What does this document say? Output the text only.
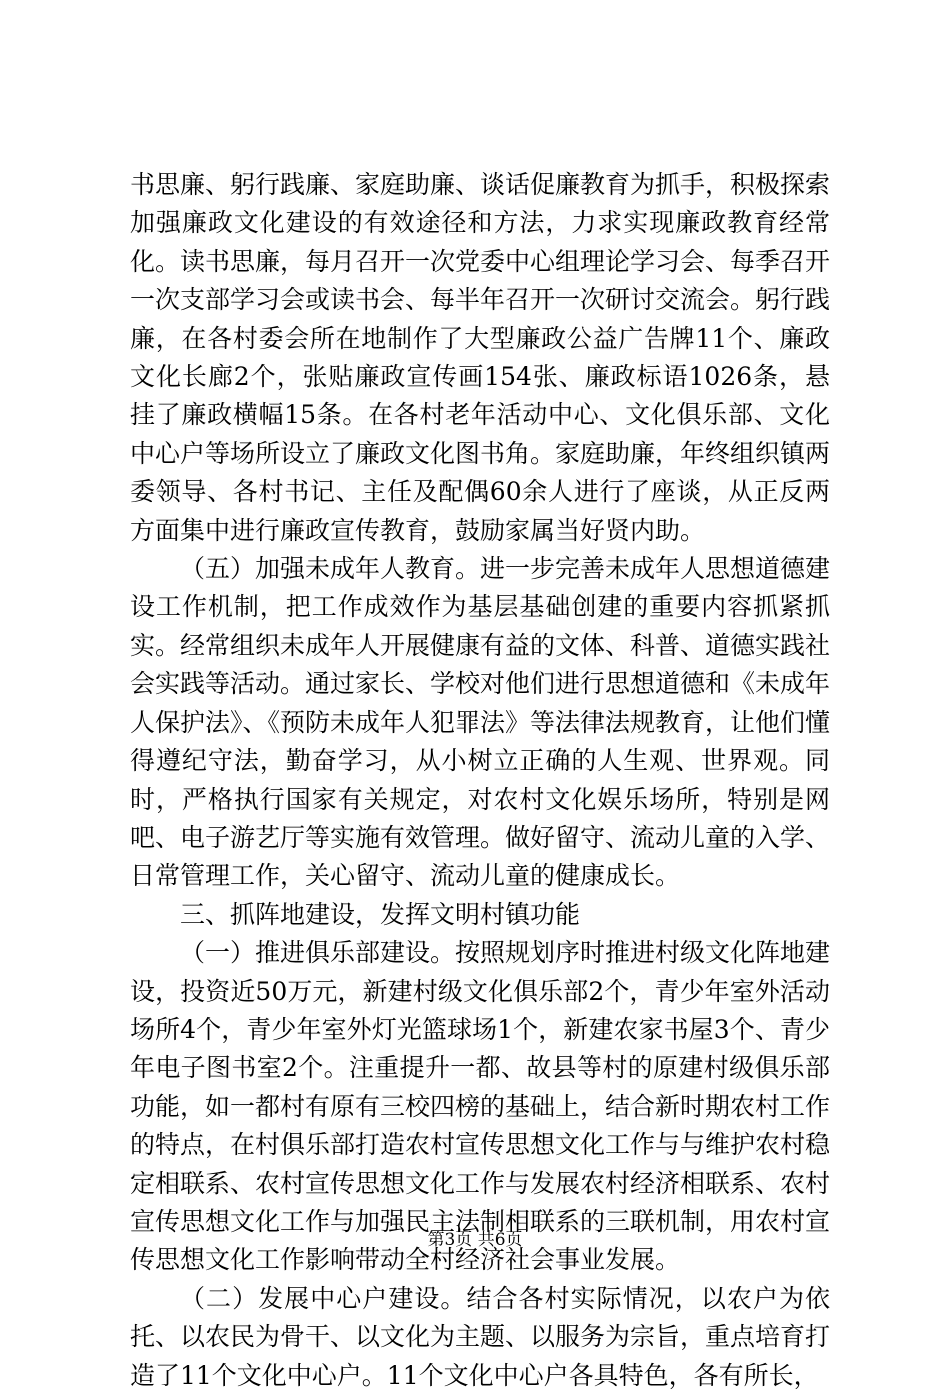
书思廉、躬行践廉、家庭助廉、谈话促廉教育为抓手，积极探索加强廉政文化建设的有效途径和方法，力求实现廉政教育经常化。读书思廉，每月召开一次党委中心组理论学习会、每季召开一次支部学习会或读书会、每半年召开一次研讨交流会。躬行践廉，在各村委会所在地制作了大型廉政公益广告牌11个、廉政文化长廊2个，张贴廉政宣传画154张、廉政标语1026条，悬挂了廉政横幅15条。在各村老年活动中心、文化俱乐部、文化中心户等场所设立了廉政文化图书角。家庭助廉，年终组织镇两委领导、各村书记、主任及配偶60余人进行了座谈，从正反两方面集中进行廉政宣传教育，鼓励家属当好贤内助。

（五）加强未成年人教育。进一步完善未成年人思想道德建设工作机制，把工作成效作为基层基础创建的重要内容抓紧抓实。经常组织未成年人开展健康有益的文体、科普、道德实践社会实践等活动。通过家长、学校对他们进行思想道德和《未成年人保护法》、《预防未成年人犯罪法》等法律法规教育，让他们懂得遵纪守法，勤奋学习，从小树立正确的人生观、世界观。同时，严格执行国家有关规定，对农村文化娱乐场所，特别是网吧、电子游艺厅等实施有效管理。做好留守、流动儿童的入学、日常管理工作，关心留守、流动儿童的健康成长。

三、抓阵地建设，发挥文明村镇功能

（一）推进俱乐部建设。按照规划序时推进村级文化阵地建设，投资近50万元，新建村级文化俱乐部2个，青少年室外活动场所4个，青少年室外灯光篮球场1个，新建农家书屋3个、青少年电子图书室2个。注重提升一都、故县等村的原建村级俱乐部功能，如一都村有原有三校四榜的基础上，结合新时期农村工作的特点，在村俱乐部打造农村宣传思想文化工作与与维护农村稳定相联系、农村宣传思想文化工作与发展农村经济相联系、农村宣传思想文化工作与加强民主法制相联系的三联机制，用农村宣传思想文化工作影响带动全村经济社会事业发展。

（二）发展中心户建设。结合各村实际情况，以农户为依托、以农民为骨干、以文化为主题、以服务为宗旨，重点培育打造了11个文化中心户。11个文化中心户各具特色，各有所长，

第3页 共6页
